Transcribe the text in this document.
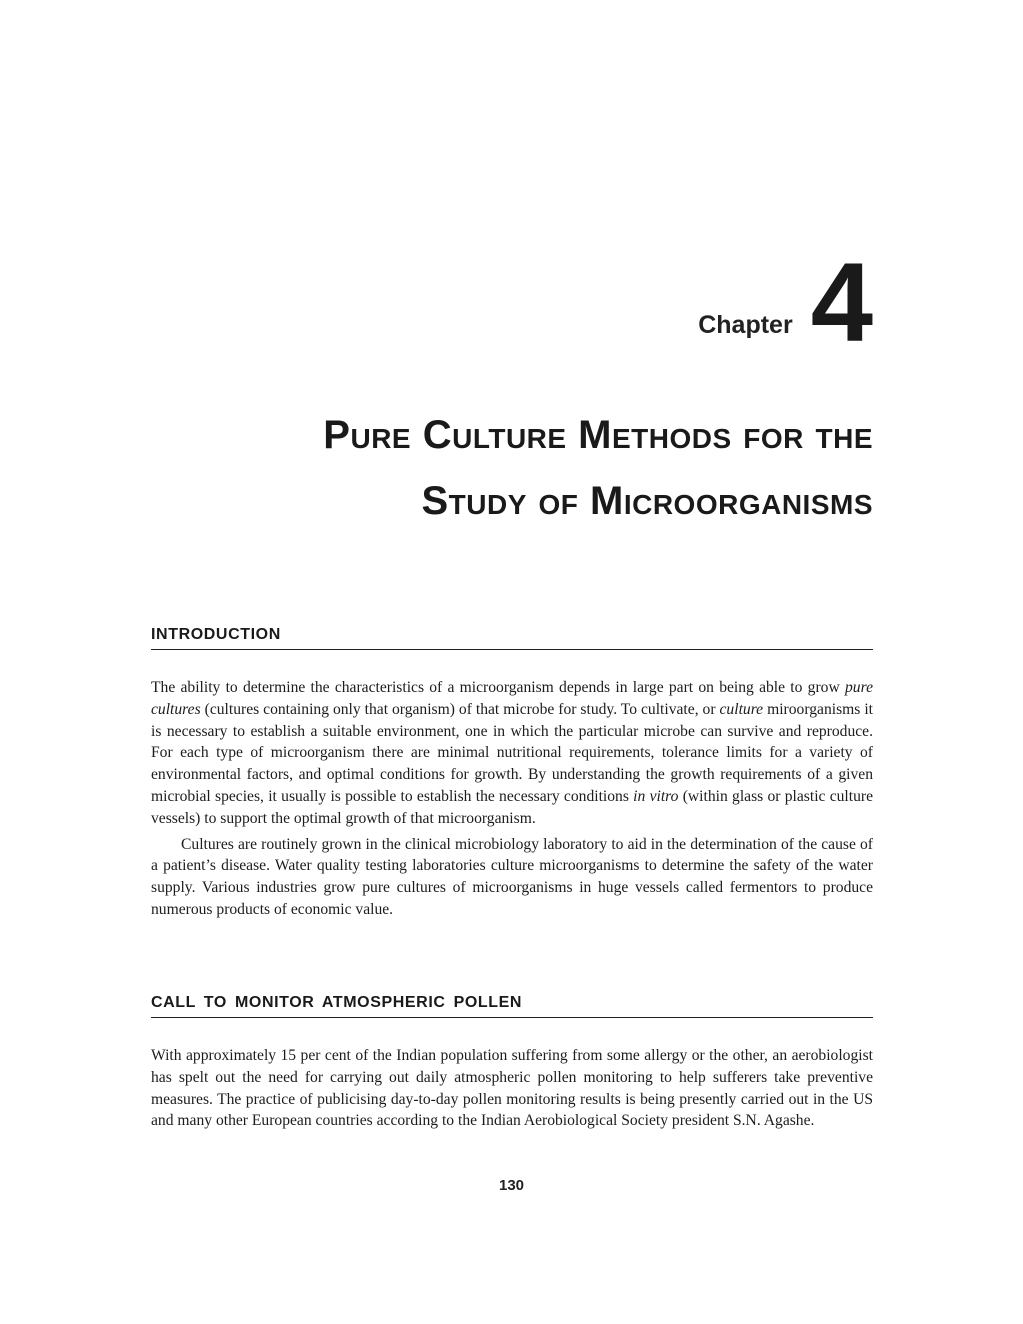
Chapter 4
Pure Culture Methods for the
Study of Microorganisms
INTRODUCTION

The ability to determine the characteristics of a microorganism depends in large part on being able to grow pure cultures (cultures containing only that organism) of that microbe for study. To cultivate, or culture miroorganisms it is necessary to establish a suitable environment, one in which the particular microbe can survive and reproduce. For each type of microorganism there are minimal nutritional requirements, tolerance limits for a variety of environmental factors, and optimal conditions for growth. By understanding the growth requirements of a given microbial species, it usually is possible to establish the necessary conditions in vitro (within glass or plastic culture vessels) to support the optimal growth of that microorganism.

Cultures are routinely grown in the clinical microbiology laboratory to aid in the determination of the cause of a patient’s disease. Water quality testing laboratories culture microorganisms to determine the safety of the water supply. Various industries grow pure cultures of microorganisms in huge vessels called fermentors to produce numerous products of economic value.

CALL TO MONITOR ATMOSPHERIC POLLEN

With approximately 15 per cent of the Indian population suffering from some allergy or the other, an aerobiologist has spelt out the need for carrying out daily atmospheric pollen monitoring to help sufferers take preventive measures. The practice of publicising day-to-day pollen monitoring results is being presently carried out in the US and many other European countries according to the Indian Aerobiological Society president S.N. Agashe.

130
